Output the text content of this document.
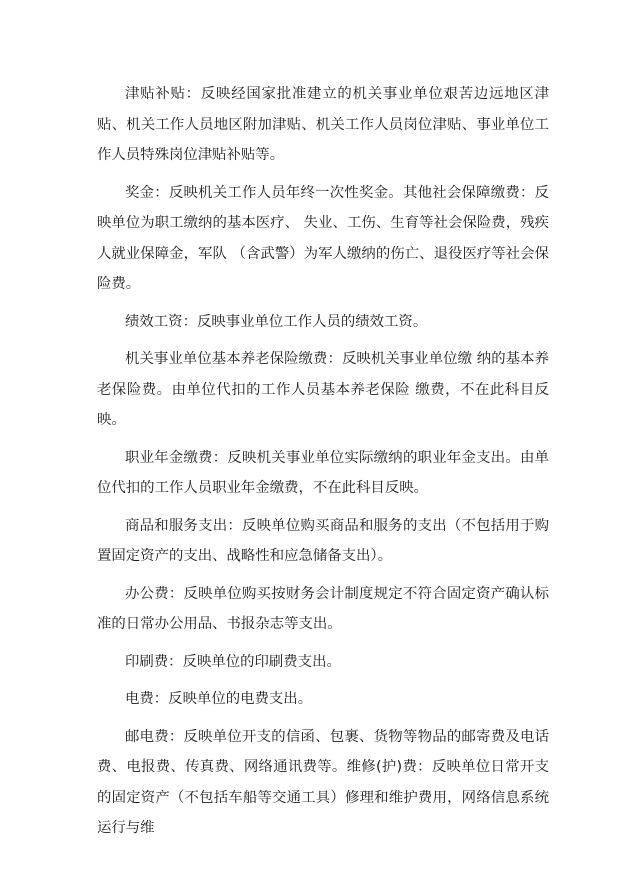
津贴补贴：反映经国家批准建立的机关事业单位艰苦边远地区津贴、机关工作人员地区附加津贴、机关工作人员岗位津贴、事业单位工作人员特殊岗位津贴补贴等。

奖金：反映机关工作人员年终一次性奖金。其他社会保障缴费：反映单位为职工缴纳的基本医疗、 失业、工伤、生育等社会保险费，残疾人就业保障金，军队 （含武警）为军人缴纳的伤亡、退役医疗等社会保险费。

绩效工资：反映事业单位工作人员的绩效工资。

机关事业单位基本养老保险缴费：反映机关事业单位缴 纳的基本养老保险费。由单位代扣的工作人员基本养老保险 缴费，不在此科目反映。

职业年金缴费：反映机关事业单位实际缴纳的职业年金支出。由单位代扣的工作人员职业年金缴费，不在此科目反映。

商品和服务支出：反映单位购买商品和服务的支出（不包括用于购置固定资产的支出、战略性和应急储备支出）。

办公费：反映单位购买按财务会计制度规定不符合固定资产确认标准的日常办公用品、书报杂志等支出。

印刷费：反映单位的印刷费支出。

电费：反映单位的电费支出。

邮电费：反映单位开支的信函、包裹、货物等物品的邮寄费及电话费、电报费、传真费、网络通讯费等。维修(护)费：反映单位日常开支的固定资产（不包括车船等交通工具）修理和维护费用，网络信息系统运行与维
